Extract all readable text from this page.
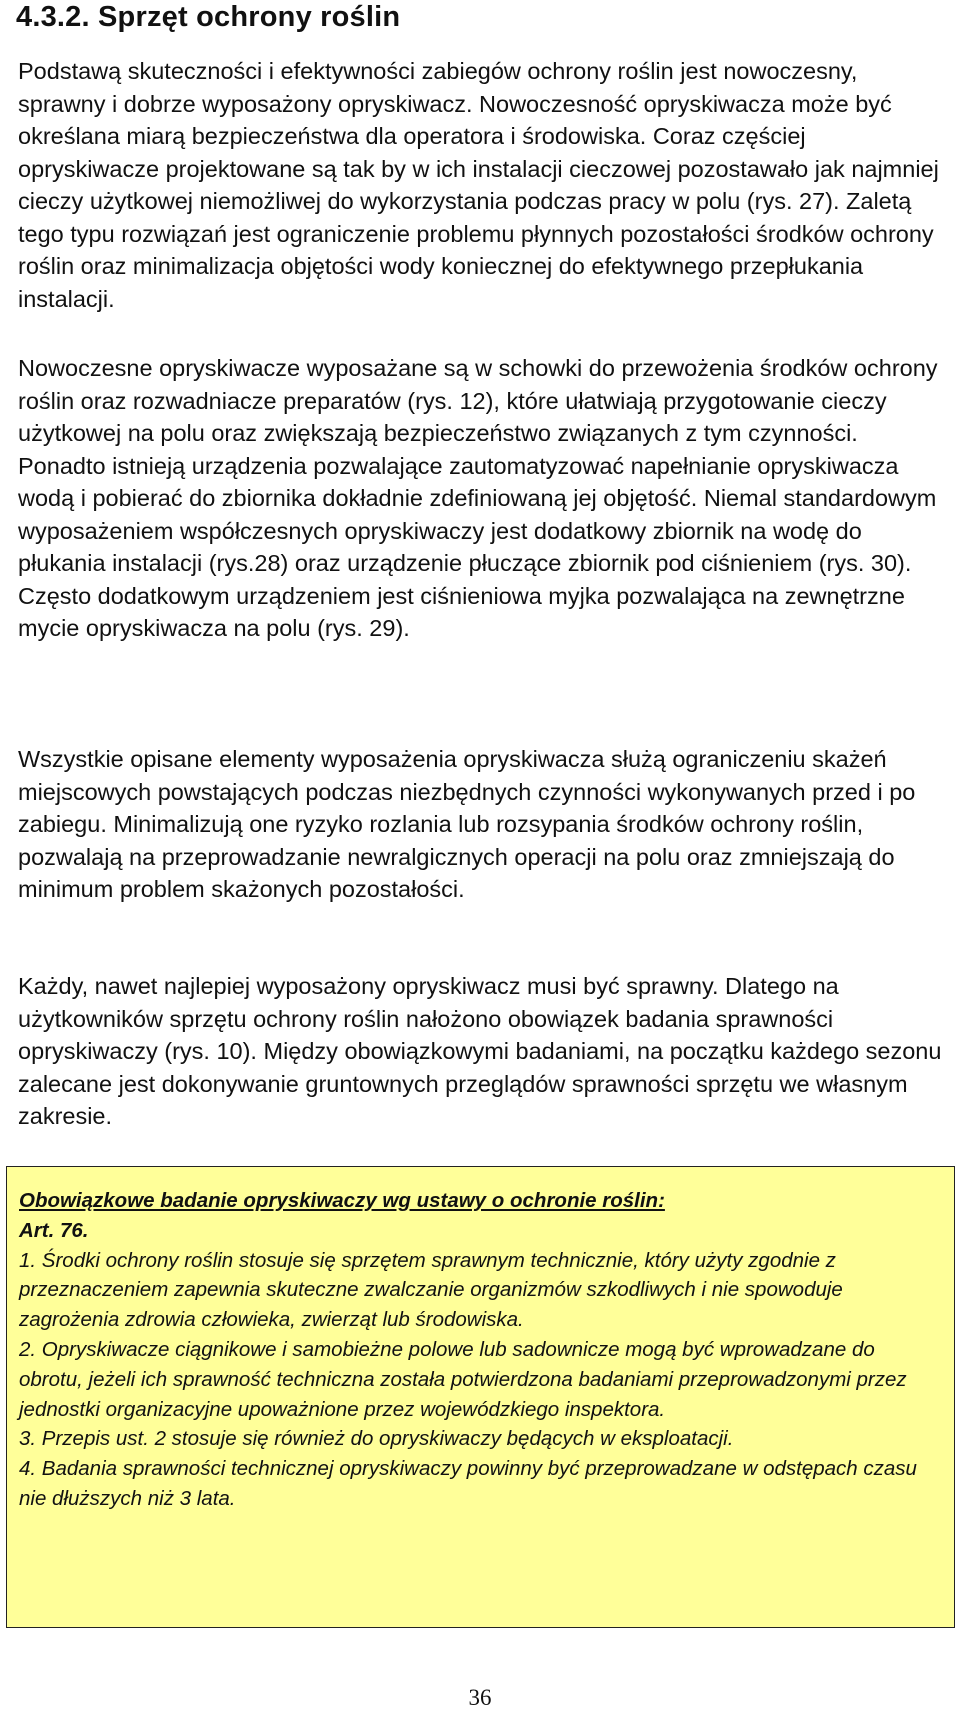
4.3.2. Sprzęt ochrony roślin

Podstawą skuteczności i efektywności zabiegów ochrony roślin jest nowoczesny, sprawny i dobrze wyposażony opryskiwacz. Nowoczesność opryskiwacza może być określana miarą bezpieczeństwa dla operatora i środowiska. Coraz częściej opryskiwacze projektowane są tak by w ich instalacji cieczowej pozostawało jak najmniej cieczy użytkowej niemożliwej do wykorzystania podczas pracy w polu (rys. 27). Zaletą tego typu rozwiązań jest ograniczenie problemu płynnych pozostałości środków ochrony roślin oraz minimalizacja objętości wody koniecznej do efektywnego przepłukania instalacji.

Nowoczesne opryskiwacze wyposażane są w schowki do przewożenia środków ochrony roślin oraz rozwadniacze preparatów (rys. 12), które ułatwiają przygotowanie cieczy użytkowej na polu oraz zwiększają bezpieczeństwo związanych z tym czynności. Ponadto istnieją urządzenia pozwalające zautomatyzować napełnianie opryskiwacza wodą i pobierać do zbiornika dokładnie zdefiniowaną jej objętość. Niemal standardowym wyposażeniem współczesnych opryskiwaczy jest dodatkowy zbiornik na wodę do płukania instalacji (rys.28) oraz urządzenie płuczące zbiornik pod ciśnieniem (rys. 30). Często dodatkowym urządzeniem jest ciśnieniowa myjka pozwalająca na zewnętrzne mycie opryskiwacza na polu (rys. 29).

Wszystkie opisane elementy wyposażenia opryskiwacza służą ograniczeniu skażeń miejscowych powstających podczas niezbędnych czynności wykonywanych przed i po zabiegu. Minimalizują one ryzyko rozlania lub rozsypania środków ochrony roślin, pozwalają na przeprowadzanie newralgicznych operacji na polu oraz zmniejszają do minimum problem skażonych pozostałości.

Każdy, nawet najlepiej wyposażony opryskiwacz musi być sprawny. Dlatego na użytkowników sprzętu ochrony roślin nałożono obowiązek badania sprawności opryskiwaczy (rys. 10). Między obowiązkowymi badaniami, na początku każdego sezonu zalecane jest dokonywanie gruntownych przeglądów sprawności sprzętu we własnym zakresie.

Obowiązkowe badanie opryskiwaczy wg ustawy o ochronie roślin:

Art. 76.

1. Środki ochrony roślin stosuje się sprzętem sprawnym technicznie, który użyty zgodnie z przeznaczeniem zapewnia skuteczne zwalczanie organizmów szkodliwych i nie spowoduje zagrożenia zdrowia człowieka, zwierząt lub środowiska.

2. Opryskiwacze ciągnikowe i samobieżne polowe lub sadownicze mogą być wprowadzane do obrotu, jeżeli ich sprawność techniczna została potwierdzona badaniami przeprowadzonymi przez jednostki organizacyjne upoważnione przez wojewódzkiego inspektora.

3. Przepis ust. 2 stosuje się również do opryskiwaczy będących w eksploatacji.

4. Badania sprawności technicznej opryskiwaczy powinny być przeprowadzane w odstępach czasu nie dłuższych niż 3 lata.

36
